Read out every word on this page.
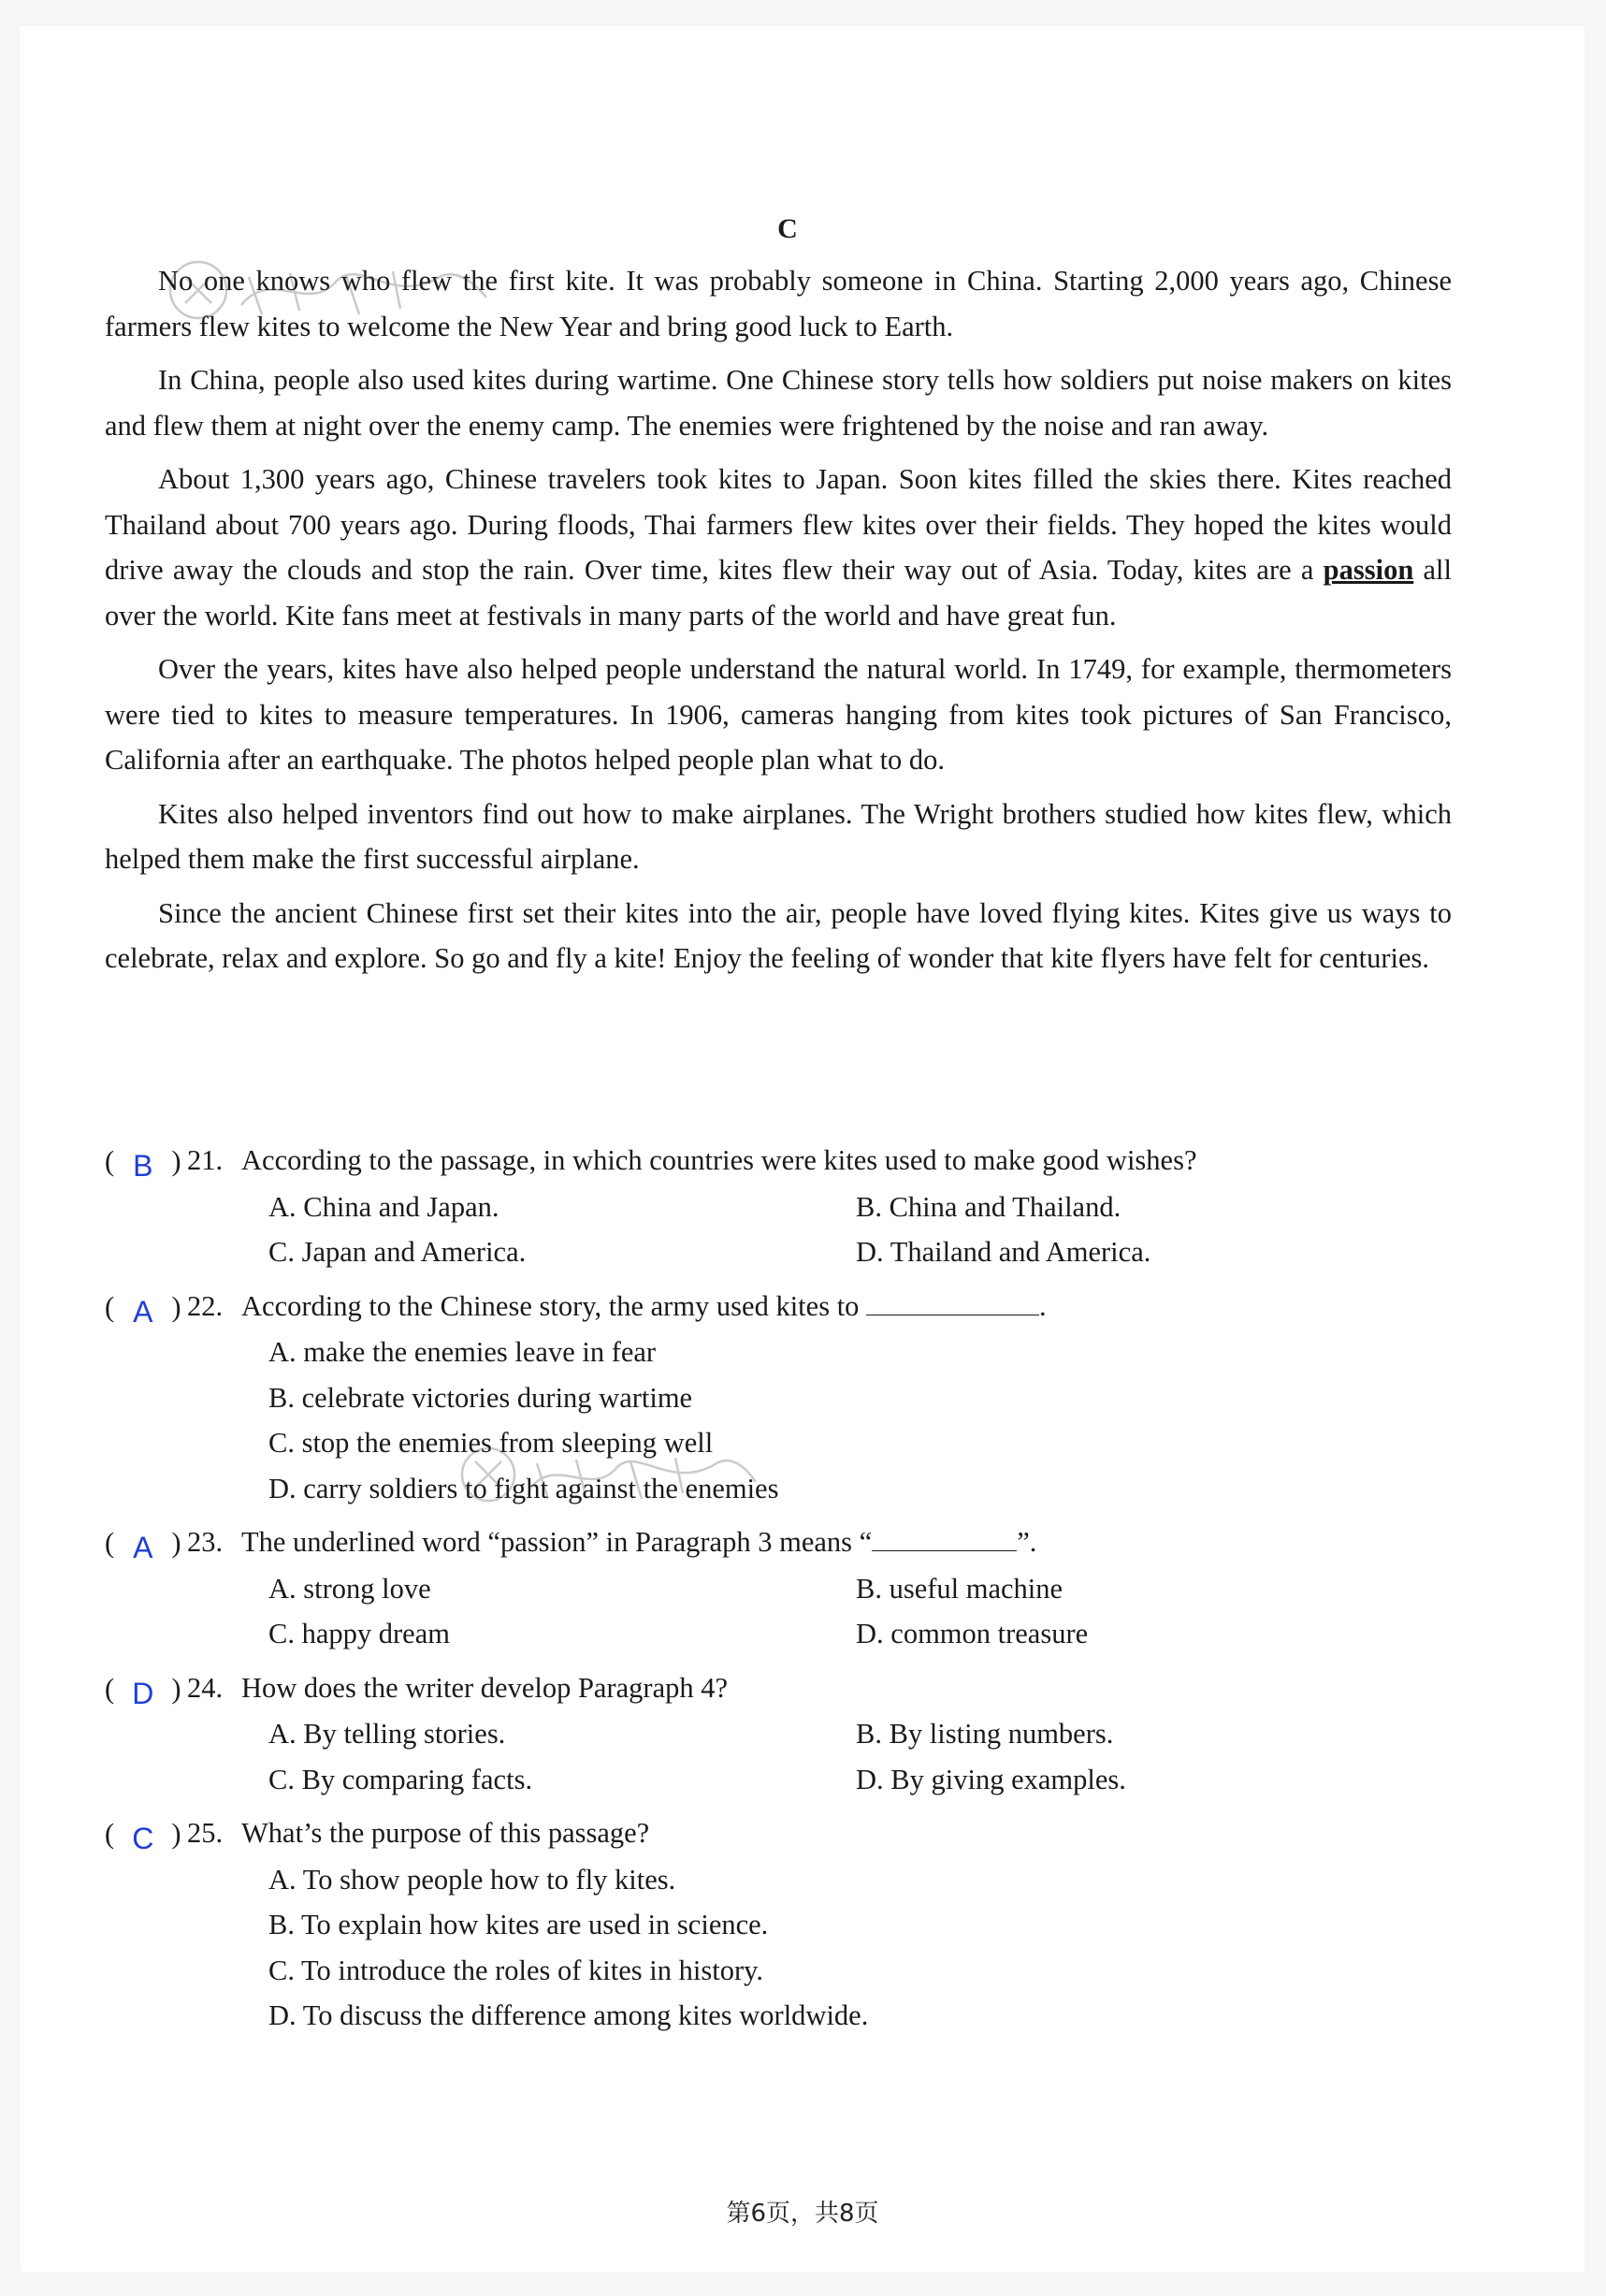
C

No one knows who flew the first kite. It was probably someone in China. Starting 2,000 years ago, Chinese farmers flew kites to welcome the New Year and bring good luck to Earth.

In China, people also used kites during wartime. One Chinese story tells how soldiers put noise makers on kites and flew them at night over the enemy camp. The enemies were frightened by the noise and ran away.

About 1,300 years ago, Chinese travelers took kites to Japan. Soon kites filled the skies there. Kites reached Thailand about 700 years ago. During floods, Thai farmers flew kites over their fields. They hoped the kites would drive away the clouds and stop the rain. Over time, kites flew their way out of Asia. Today, kites are a passion all over the world. Kite fans meet at festivals in many parts of the world and have great fun.

Over the years, kites have also helped people understand the natural world. In 1749, for example, thermometers were tied to kites to measure temperatures. In 1906, cameras hanging from kites took pictures of San Francisco, California after an earthquake. The photos helped people plan what to do.

Kites also helped inventors find out how to make airplanes. The Wright brothers studied how kites flew, which helped them make the first successful airplane.

Since the ancient Chinese first set their kites into the air, people have loved flying kites. Kites give us ways to celebrate, relax and explore. So go and fly a kite! Enjoy the feeling of wonder that kite flyers have felt for centuries.

( B ) 21. According to the passage, in which countries were kites used to make good wishes?
A. China and Japan.	B. China and Thailand.
C. Japan and America.	D. Thailand and America.
( A ) 22. According to the Chinese story, the army used kites to	.
A. make the enemies leave in fear
B. celebrate victories during wartime
C. stop the enemies from sleeping well
D. carry soldiers to fight against the enemies
( A ) 23. The underlined word “passion” in Paragraph 3 means “	”.
A. strong love	B. useful machine
C. happy dream	D. common treasure
( D ) 24. How does the writer develop Paragraph 4?
A. By telling stories.	B. By listing numbers.
C. By comparing facts.	D. By giving examples.
( C ) 25. What’s the purpose of this passage?
A. To show people how to fly kites.
B. To explain how kites are used in science.
C. To introduce the roles of kites in history.
D. To discuss the difference among kites worldwide.
第6页，共8页
